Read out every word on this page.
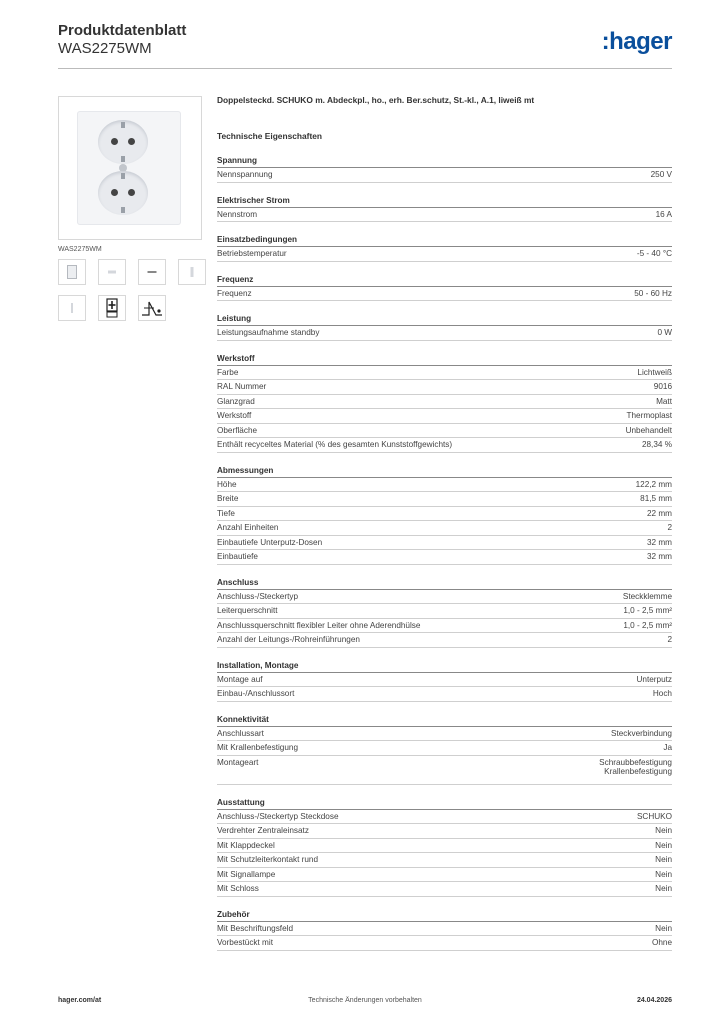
Produktdatenblatt
WAS2275WM	:hager
WAS2275WM
Doppelsteckd. SCHUKO m. Abdeckpl., ho., erh. Ber.schutz, St.-kl., A.1, liweiß mt
Technische Eigenschaften
Spannung
Nennspannung	250 V
Elektrischer Strom
Nennstrom	16 A
Einsatzbedingungen
Betriebstemperatur	-5 - 40 °C
Frequenz
Frequenz	50 - 60 Hz
Leistung
Leistungsaufnahme standby	0 W
Werkstoff
Farbe	Lichtweiß
RAL Nummer	9016
Glanzgrad	Matt
Werkstoff	Thermoplast
Oberfläche	Unbehandelt
Enthält recyceltes Material (% des gesamten Kunststoffgewichts)	28,34 %
Abmessungen
Höhe	122,2 mm
Breite	81,5 mm
Tiefe	22 mm
Anzahl Einheiten	2
Einbautiefe Unterputz-Dosen	32 mm
Einbautiefe	32 mm
Anschluss
Anschluss-/Steckertyp	Steckklemme
Leiterquerschnitt	1,0 - 2,5 mm²
Anschlussquerschnitt flexibler Leiter ohne Aderendhülse	1,0 - 2,5 mm²
Anzahl der Leitungs-/Rohreinführungen	2
Installation, Montage
Montage auf	Unterputz
Einbau-/Anschlussort	Hoch
Konnektivität
Anschlussart	Steckverbindung
Mit Krallenbefestigung	Ja
Montageart	Schraubbefestigung
Krallenbefestigung
Ausstattung
Anschluss-/Steckertyp Steckdose	SCHUKO
Verdrehter Zentraleinsatz	Nein
Mit Klappdeckel	Nein
Mit Schutzleiterkontakt rund	Nein
Mit Signallampe	Nein
Mit Schloss	Nein
Zubehör
Mit Beschriftungsfeld	Nein
Vorbestückt mit	Ohne
hager.com/at	Technische Änderungen vorbehalten	24.04.2026
